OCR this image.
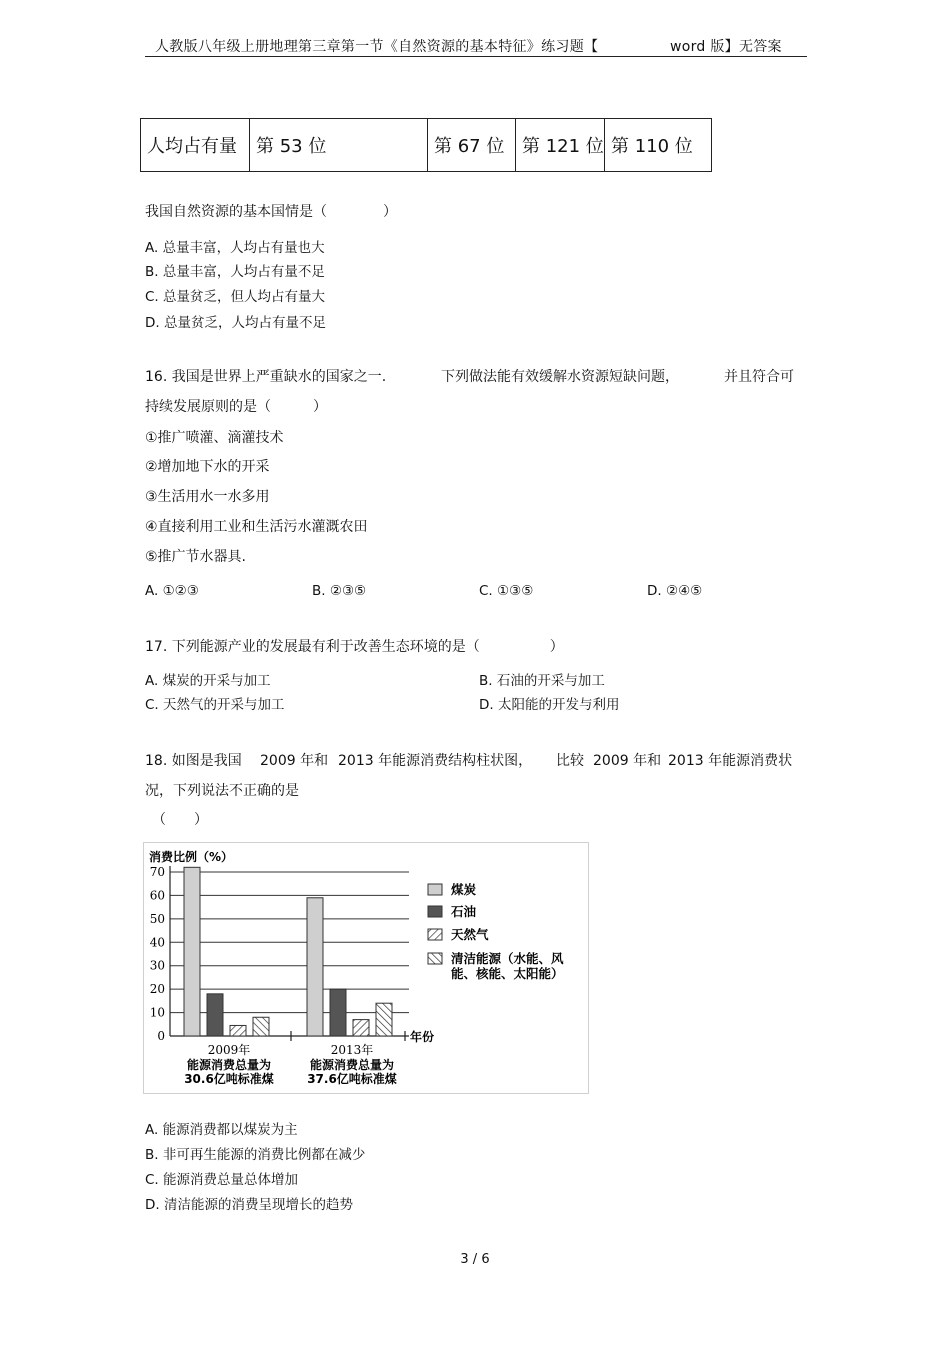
人教版八年级上册地理第三章第一节《自然资源的基本特征》练习题【	word 版】无答案
人均占有量	第 53 位	第 67 位	第 121 位	第 110 位
我国自然资源的基本国情是（　　　　）
A. 总量丰富，人均占有量也大
B. 总量丰富，人均占有量不足
C. 总量贫乏，但人均占有量大
D. 总量贫乏，人均占有量不足
16. 我国是世界上严重缺水的国家之一.	下列做法能有效缓解水资源短缺问题，	并且符合可
持续发展原则的是（　　　）
①推广喷灌、滴灌技术
②增加地下水的开采
③生活用水一水多用
④直接利用工业和生活污水灌溉农田
⑤推广节水器具.
A. ①②③	B. ②③⑤	C. ①③⑤	D. ②④⑤
17. 下列能源产业的发展最有利于改善生态环境的是（　　　　　）
A. 煤炭的开采与加工	B. 石油的开采与加工
C. 天然气的开采与加工	D. 太阳能的开发与利用
18. 如图是我国 2009 年和 2013 年能源消费结构柱状图， 比较 2009 年和 2013 年能源消费状
况，下列说法不正确的是
（　　）
消费比例（%）
0
10
20
30
40
50
60
70
年份
2009年
能源消费总量为
30.6亿吨标准煤
2013年
能源消费总量为
37.6亿吨标准煤
煤炭
石油
天然气
清洁能源（水能、风
能、核能、太阳能）
A. 能源消费都以煤炭为主
B. 非可再生能源的消费比例都在减少
C. 能源消费总量总体增加
D. 清洁能源的消费呈现增长的趋势
3 / 6
